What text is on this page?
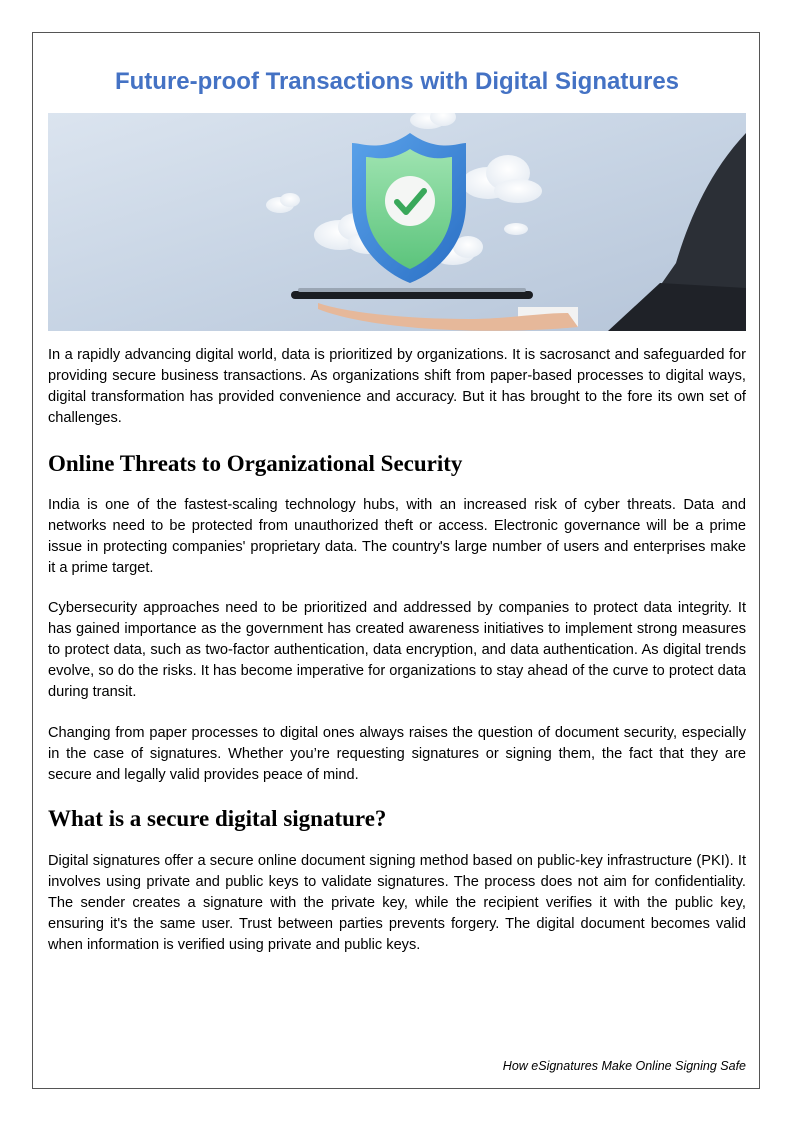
Future-proof Transactions with Digital Signatures

In a rapidly advancing digital world, data is prioritized by organizations. It is sacrosanct and safeguarded for providing secure business transactions. As organizations shift from paper-based processes to digital ways, digital transformation has provided convenience and accuracy. But it has brought to the fore its own set of challenges.

Online Threats to Organizational Security

India is one of the fastest-scaling technology hubs, with an increased risk of cyber threats. Data and networks need to be protected from unauthorized theft or access. Electronic governance will be a prime issue in protecting companies' proprietary data. The country's large number of users and enterprises make it a prime target.

Cybersecurity approaches need to be prioritized and addressed by companies to protect data integrity. It has gained importance as the government has created awareness initiatives to implement strong measures to protect data, such as two-factor authentication, data encryption, and data authentication. As digital trends evolve, so do the risks. It has become imperative for organizations to stay ahead of the curve to protect data during transit.

Changing from paper processes to digital ones always raises the question of document security, especially in the case of signatures. Whether you’re requesting signatures or signing them, the fact that they are secure and legally valid provides peace of mind.

What is a secure digital signature?

Digital signatures offer a secure online document signing method based on public-key infrastructure (PKI). It involves using private and public keys to validate signatures. The process does not aim for confidentiality. The sender creates a signature with the private key, while the recipient verifies it with the public key, ensuring it's the same user. Trust between parties prevents forgery. The digital document becomes valid when information is verified using private and public keys.

How eSignatures Make Online Signing Safe
